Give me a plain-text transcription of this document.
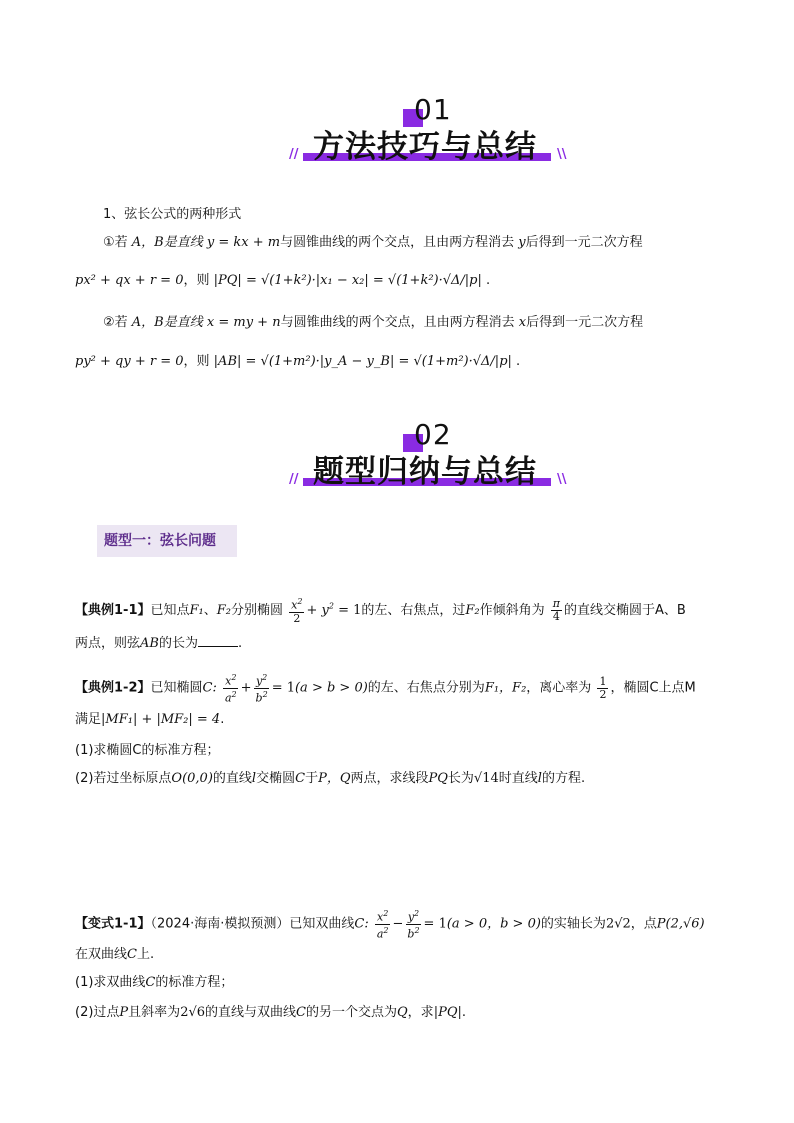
01
// 方法技巧与总结 \\
1、弦长公式的两种形式
①若 A，B是直线 y = kx + m与圆锥曲线的两个交点，且由两方程消去 y后得到一元二次方程
px² + qx + r = 0，则 |PQ| = √(1+k²)·|x₁ − x₂| = √(1+k²)·√Δ/|p| .
②若 A，B是直线 x = my + n与圆锥曲线的两个交点，且由两方程消去 x后得到一元二次方程
py² + qy + r = 0，则 |AB| = √(1+m²)·|y_A − y_B| = √(1+m²)·√Δ/|p| .
02
// 题型归纳与总结 \\
题型一：弦长问题
【典例1-1】已知点F₁、F₂分别椭圆 $\frac{x^2}{2} + y^2 = 1$的左、右焦点，过F₂作倾斜角为 $\frac{\pi}{4}$ 的直线交椭圆于A、B
两点，则弦AB的长为	.
【典例1-2】已知椭圆C: $\frac{x^2}{a^2} + \frac{y^2}{b^2} = 1(a > b > 0)$的左、右焦点分别为F₁，F₂，离心率为 $\frac{1}{2}$ ，椭圆C上点M
满足|MF₁| + |MF₂| = 4.
(1)求椭圆C的标准方程；
(2)若过坐标原点O(0,0)的直线l交椭圆C于P，Q两点，求线段PQ长为√14时直线l的方程.
【变式1-1】（2024·海南·模拟预测）已知双曲线C: $\frac{x^2}{a^2} - \frac{y^2}{b^2} = 1(a > 0$，b > 0)的实轴长为2√2，点P(2,√6)
在双曲线C上.
(1)求双曲线C的标准方程；
(2)过点P且斜率为2√6的直线与双曲线C的另一个交点为Q，求|PQ|.
